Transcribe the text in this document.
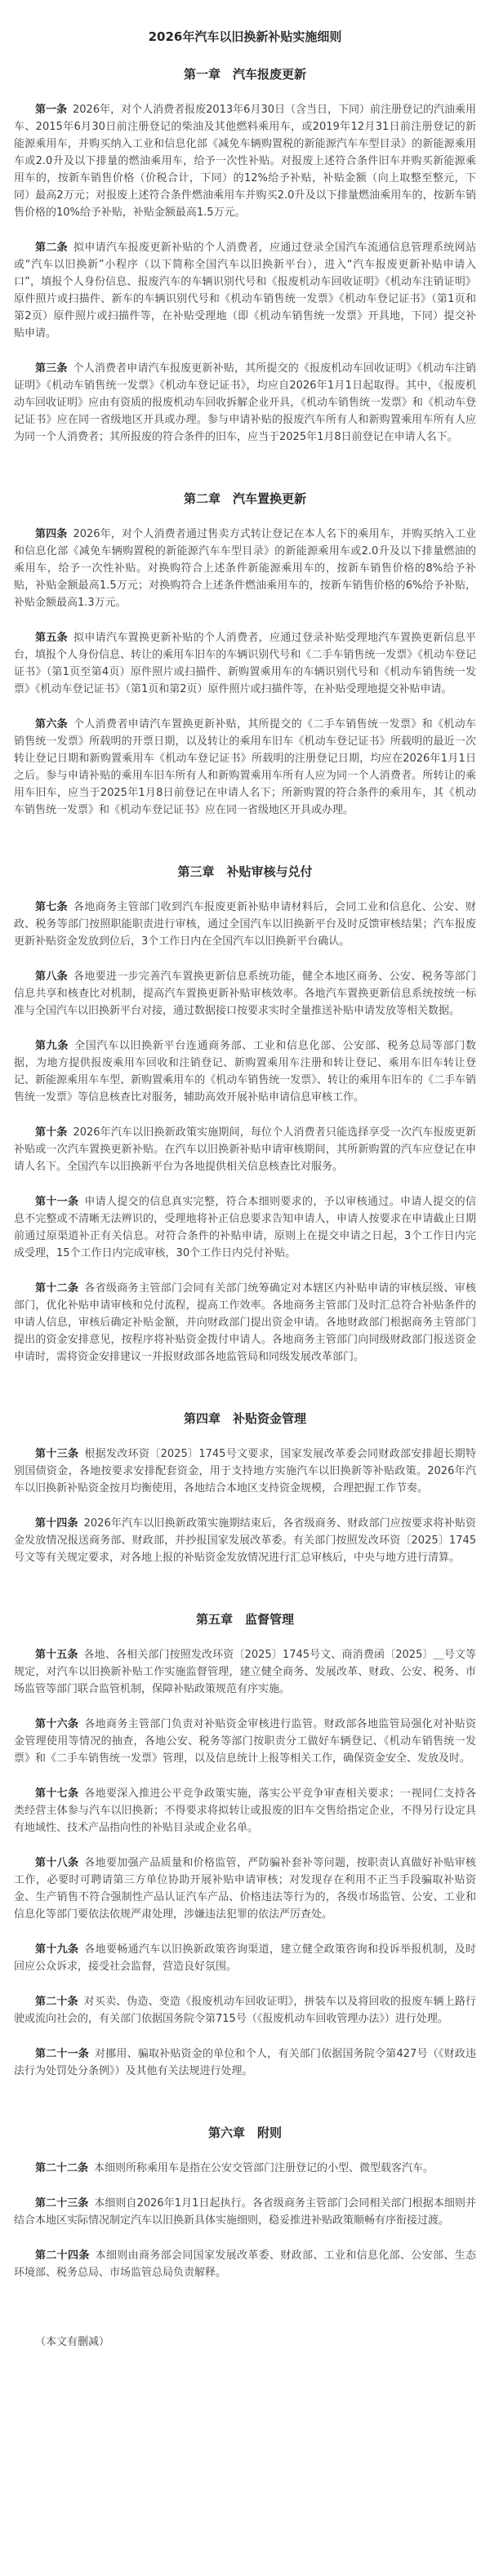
2026年汽车以旧换新补贴实施细则
第一章　汽车报废更新

第一条 2026年，对个人消费者报废2013年6月30日（含当日，下同）前注册登记的汽油乘用车、2015年6月30日前注册登记的柴油及其他燃料乘用车，或2019年12月31日前注册登记的新能源乘用车，并购买纳入工业和信息化部《减免车辆购置税的新能源汽车车型目录》的新能源乘用车或2.0升及以下排量的燃油乘用车，给予一次性补贴。对报废上述符合条件旧车并购买新能源乘用车的，按新车销售价格（价税合计，下同）的12%给予补贴，补贴金额（向上取整至整元，下同）最高2万元；对报废上述符合条件燃油乘用车并购买2.0升及以下排量燃油乘用车的，按新车销售价格的10%给予补贴，补贴金额最高1.5万元。

第二条 拟申请汽车报废更新补贴的个人消费者，应通过登录全国汽车流通信息管理系统网站或“汽车以旧换新”小程序（以下简称全国汽车以旧换新平台），进入“汽车报废更新补贴申请入口”，填报个人身份信息、报废汽车的车辆识别代号和《报废机动车回收证明》《机动车注销证明》原件照片或扫描件、新车的车辆识别代号和《机动车销售统一发票》《机动车登记证书》（第1页和第2页）原件照片或扫描件等，在补贴受理地（即《机动车销售统一发票》开具地，下同）提交补贴申请。

第三条 个人消费者申请汽车报废更新补贴，其所提交的《报废机动车回收证明》《机动车注销证明》《机动车销售统一发票》《机动车登记证书》，均应自2026年1月1日起取得。其中，《报废机动车回收证明》应由有资质的报废机动车回收拆解企业开具，《机动车销售统一发票》和《机动车登记证书》应在同一省级地区开具或办理。参与申请补贴的报废汽车所有人和新购置乘用车所有人应为同一个人消费者；其所报废的符合条件的旧车，应当于2025年1月8日前登记在申请人名下。

第二章　汽车置换更新

第四条 2026年，对个人消费者通过售卖方式转让登记在本人名下的乘用车，并购买纳入工业和信息化部《减免车辆购置税的新能源汽车车型目录》的新能源乘用车或2.0升及以下排量燃油的乘用车，给予一次性补贴。对换购符合上述条件新能源乘用车的，按新车销售价格的8%给予补贴，补贴金额最高1.5万元；对换购符合上述条件燃油乘用车的，按新车销售价格的6%给予补贴，补贴金额最高1.3万元。

第五条 拟申请汽车置换更新补贴的个人消费者，应通过登录补贴受理地汽车置换更新信息平台，填报个人身份信息、转让的乘用车旧车的车辆识别代号和《二手车销售统一发票》《机动车登记证书》（第1页至第4页）原件照片或扫描件、新购置乘用车的车辆识别代号和《机动车销售统一发票》《机动车登记证书》（第1页和第2页）原件照片或扫描件等，在补贴受理地提交补贴申请。

第六条 个人消费者申请汽车置换更新补贴，其所提交的《二手车销售统一发票》和《机动车销售统一发票》所载明的开票日期，以及转让的乘用车旧车《机动车登记证书》所载明的最近一次转让登记日期和新购置乘用车《机动车登记证书》所载明的注册登记日期，均应在2026年1月1日之后。参与申请补贴的乘用车旧车所有人和新购置乘用车所有人应为同一个人消费者。所转让的乘用车旧车，应当于2025年1月8日前登记在申请人名下；所新购置的符合条件的乘用车，其《机动车销售统一发票》和《机动车登记证书》应在同一省级地区开具或办理。

第三章　补贴审核与兑付

第七条 各地商务主管部门收到汽车报废更新补贴申请材料后，会同工业和信息化、公安、财政、税务等部门按照职能职责进行审核，通过全国汽车以旧换新平台及时反馈审核结果；汽车报废更新补贴资金发放到位后，3个工作日内在全国汽车以旧换新平台确认。

第八条 各地要进一步完善汽车置换更新信息系统功能，健全本地区商务、公安、税务等部门信息共享和核查比对机制，提高汽车置换更新补贴审核效率。各地汽车置换更新信息系统按统一标准与全国汽车以旧换新平台对接，通过数据接口按要求实时全量推送补贴申请发放等相关数据。

第九条 全国汽车以旧换新平台连通商务部、工业和信息化部、公安部、税务总局等部门数据，为地方提供报废乘用车回收和注销登记、新购置乘用车注册和转让登记、乘用车旧车转让登记、新能源乘用车车型、新购置乘用车的《机动车销售统一发票》、转让的乘用车旧车的《二手车销售统一发票》等信息核查比对服务，辅助高效开展补贴申请信息审核工作。

第十条 2026年汽车以旧换新政策实施期间，每位个人消费者只能选择享受一次汽车报废更新补贴或一次汽车置换更新补贴。在汽车以旧换新补贴申请审核期间，其所新购置的汽车应登记在申请人名下。全国汽车以旧换新平台为各地提供相关信息核查比对服务。

第十一条 申请人提交的信息真实完整，符合本细则要求的，予以审核通过。申请人提交的信息不完整或不清晰无法辨识的，受理地将补正信息要求告知申请人，申请人按要求在申请截止日期前通过原渠道补正有关信息。对符合条件的补贴申请，原则上在提交申请之日起，3个工作日内完成受理，15个工作日内完成审核，30个工作日内兑付补贴。

第十二条 各省级商务主管部门会同有关部门统筹确定对本辖区内补贴申请的审核层级、审核部门，优化补贴申请审核和兑付流程，提高工作效率。各地商务主管部门及时汇总符合补贴条件的申请人信息，审核后确定补贴金额，并向财政部门提出资金申请。各地财政部门根据商务主管部门提出的资金安排意见，按程序将补贴资金拨付申请人。各地商务主管部门向同级财政部门报送资金申请时，需将资金安排建议一并报财政部各地监管局和同级发展改革部门。

第四章　补贴资金管理

第十三条 根据发改环资〔2025〕1745号文要求，国家发展改革委会同财政部安排超长期特别国债资金，各地按要求安排配套资金，用于支持地方实施汽车以旧换新等补贴政策。2026年汽车以旧换新补贴资金按月均衡使用，各地结合本地区支持资金规模，合理把握工作节奏。

第十四条 2026年汽车以旧换新政策实施期结束后，各省级商务、财政部门应按要求将补贴资金发放情况报送商务部、财政部，并抄报国家发展改革委。有关部门按照发改环资〔2025〕1745号文等有关规定要求，对各地上报的补贴资金发放情况进行汇总审核后，中央与地方进行清算。

第五章　监督管理

第十五条 各地、各相关部门按照发改环资〔2025〕1745号文、商消费函〔2025〕＿号文等规定，对汽车以旧换新补贴工作实施监督管理，建立健全商务、发展改革、财政、公安、税务、市场监管等部门联合监管机制，保障补贴政策规范有序实施。

第十六条 各地商务主管部门负责对补贴资金审核进行监管。财政部各地监管局强化对补贴资金管理使用等情况的抽查，各地公安、税务等部门按职责分工做好车辆登记、《机动车销售统一发票》和《二手车销售统一发票》管理，以及信息统计上报等相关工作，确保资金安全、发放及时。

第十七条 各地要深入推进公平竞争政策实施，落实公平竞争审查相关要求；一视同仁支持各类经营主体参与汽车以旧换新；不得要求将拟转让或报废的旧车交售给指定企业，不得另行设定具有地域性、技术产品指向性的补贴目录或企业名单。

第十八条 各地要加强产品质量和价格监管，严防骗补套补等问题，按职责认真做好补贴审核工作，必要时可聘请第三方单位协助开展补贴申请审核；对发现存在利用不正当手段骗取补贴资金、生产销售不符合强制性产品认证汽车产品、价格违法等行为的，各级市场监管、公安、工业和信息化等部门要依法依规严肃处理，涉嫌违法犯罪的依法严厉查处。

第十九条 各地要畅通汽车以旧换新政策咨询渠道，建立健全政策咨询和投诉举报机制，及时回应公众诉求，接受社会监督，营造良好氛围。

第二十条 对买卖、伪造、变造《报废机动车回收证明》，拼装车以及将回收的报废车辆上路行驶或流向社会的，有关部门依据国务院令第715号（《报废机动车回收管理办法》）进行处理。

第二十一条 对挪用、骗取补贴资金的单位和个人，有关部门依据国务院令第427号（《财政违法行为处罚处分条例》）及其他有关法规进行处理。

第六章　附则

第二十二条 本细则所称乘用车是指在公安交管部门注册登记的小型、微型载客汽车。

第二十三条 本细则自2026年1月1日起执行。各省级商务主管部门会同相关部门根据本细则并结合本地区实际情况制定汽车以旧换新具体实施细则，稳妥推进补贴政策顺畅有序衔接过渡。

第二十四条 本细则由商务部会同国家发展改革委、财政部、工业和信息化部、公安部、生态环境部、税务总局、市场监管总局负责解释。

（本文有删减）
